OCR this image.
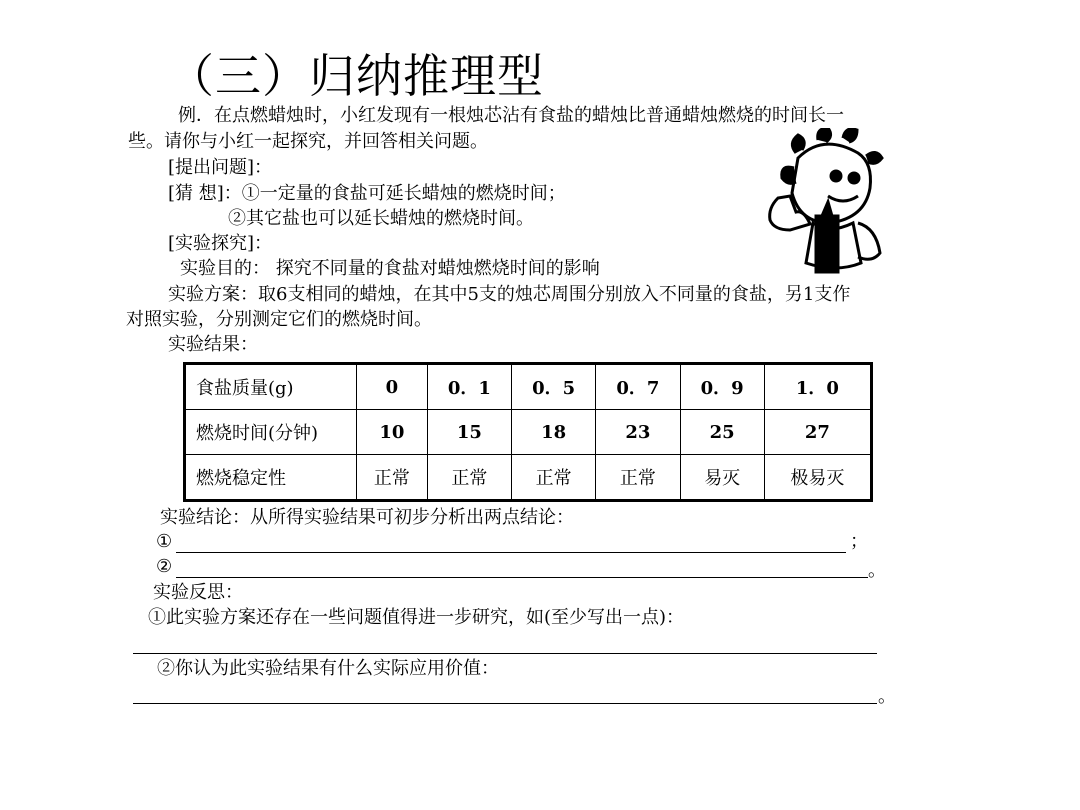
（三）归纳推理型
例．在点燃蜡烛时，小红发现有一根烛芯沾有食盐的蜡烛比普通蜡烛燃烧的时间长一
些。请你与小红一起探究，并回答相关问题。
[提出问题]：
[猜 想]：①一定量的食盐可延长蜡烛的燃烧时间；
②其它盐也可以延长蜡烛的燃烧时间。
[实验探究]：
实验目的： 探究不同量的食盐对蜡烛燃烧时间的影响
实验方案：取6支相同的蜡烛，在其中5支的烛芯周围分别放入不同量的食盐，另1支作
对照实验，分别测定它们的燃烧时间。
实验结果：
食盐质量(g)	0	0．1	0．5	0．7	0．9	1．0
燃烧时间(分钟)	10	15	18	23	25	27
燃烧稳定性	正常	正常	正常	正常	易灭	极易灭
实验结论：从所得实验结果可初步分析出两点结论：
①	；
②	。
实验反思：
①此实验方案还存在一些问题值得进一步研究，如(至少写出一点)：
②你认为此实验结果有什么实际应用价值：
。
